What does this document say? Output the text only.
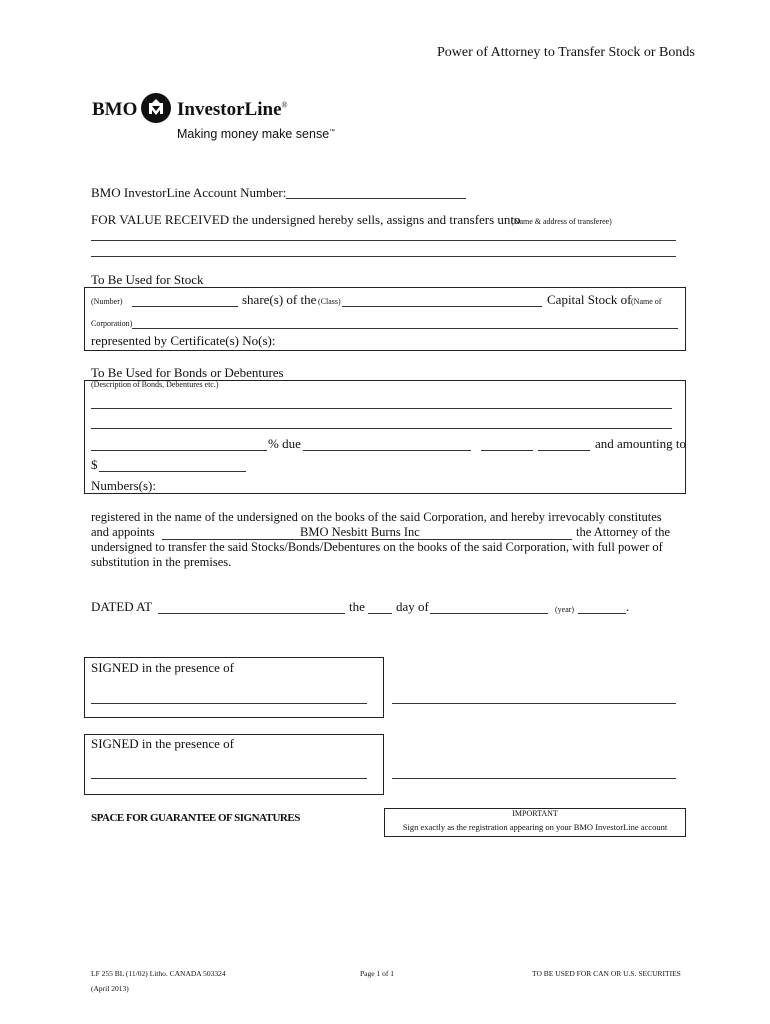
Power of Attorney to Transfer Stock or Bonds
BMO InvestorLine®
Making money make sense™
BMO InvestorLine Account Number:
FOR VALUE RECEIVED the undersigned hereby sells, assigns and transfers unto
(Name & address of transferee)
To Be Used for Stock
(Number)	share(s) of the (Class)	Capital Stock of (Name of
Corporation)
represented by Certificate(s) No(s):
To Be Used for Bonds or Debentures
(Description of Bonds, Debentures etc.)
% due	and amounting to
$
Numbers(s):
registered in the name of the undersigned on the books of the said Corporation, and hereby irrevocably constitutes
and appoints	BMO Nesbitt Burns Inc	the Attorney of the
undersigned to transfer the said Stocks/Bonds/Debentures on the books of the said Corporation, with full power of
substitution in the premises.
DATED AT	the day of	(year)	.
SIGNED in the presence of
SIGNED in the presence of
SPACE FOR GUARANTEE OF SIGNATURES	IMPORTANT
Sign exactly as the registration appearing on your BMO InvestorLine account
LF 255 BL (11/02) Litho. CANADA 503324
(April 2013)
Page 1 of 1	TO BE USED FOR CAN OR U.S. SECURITIES
